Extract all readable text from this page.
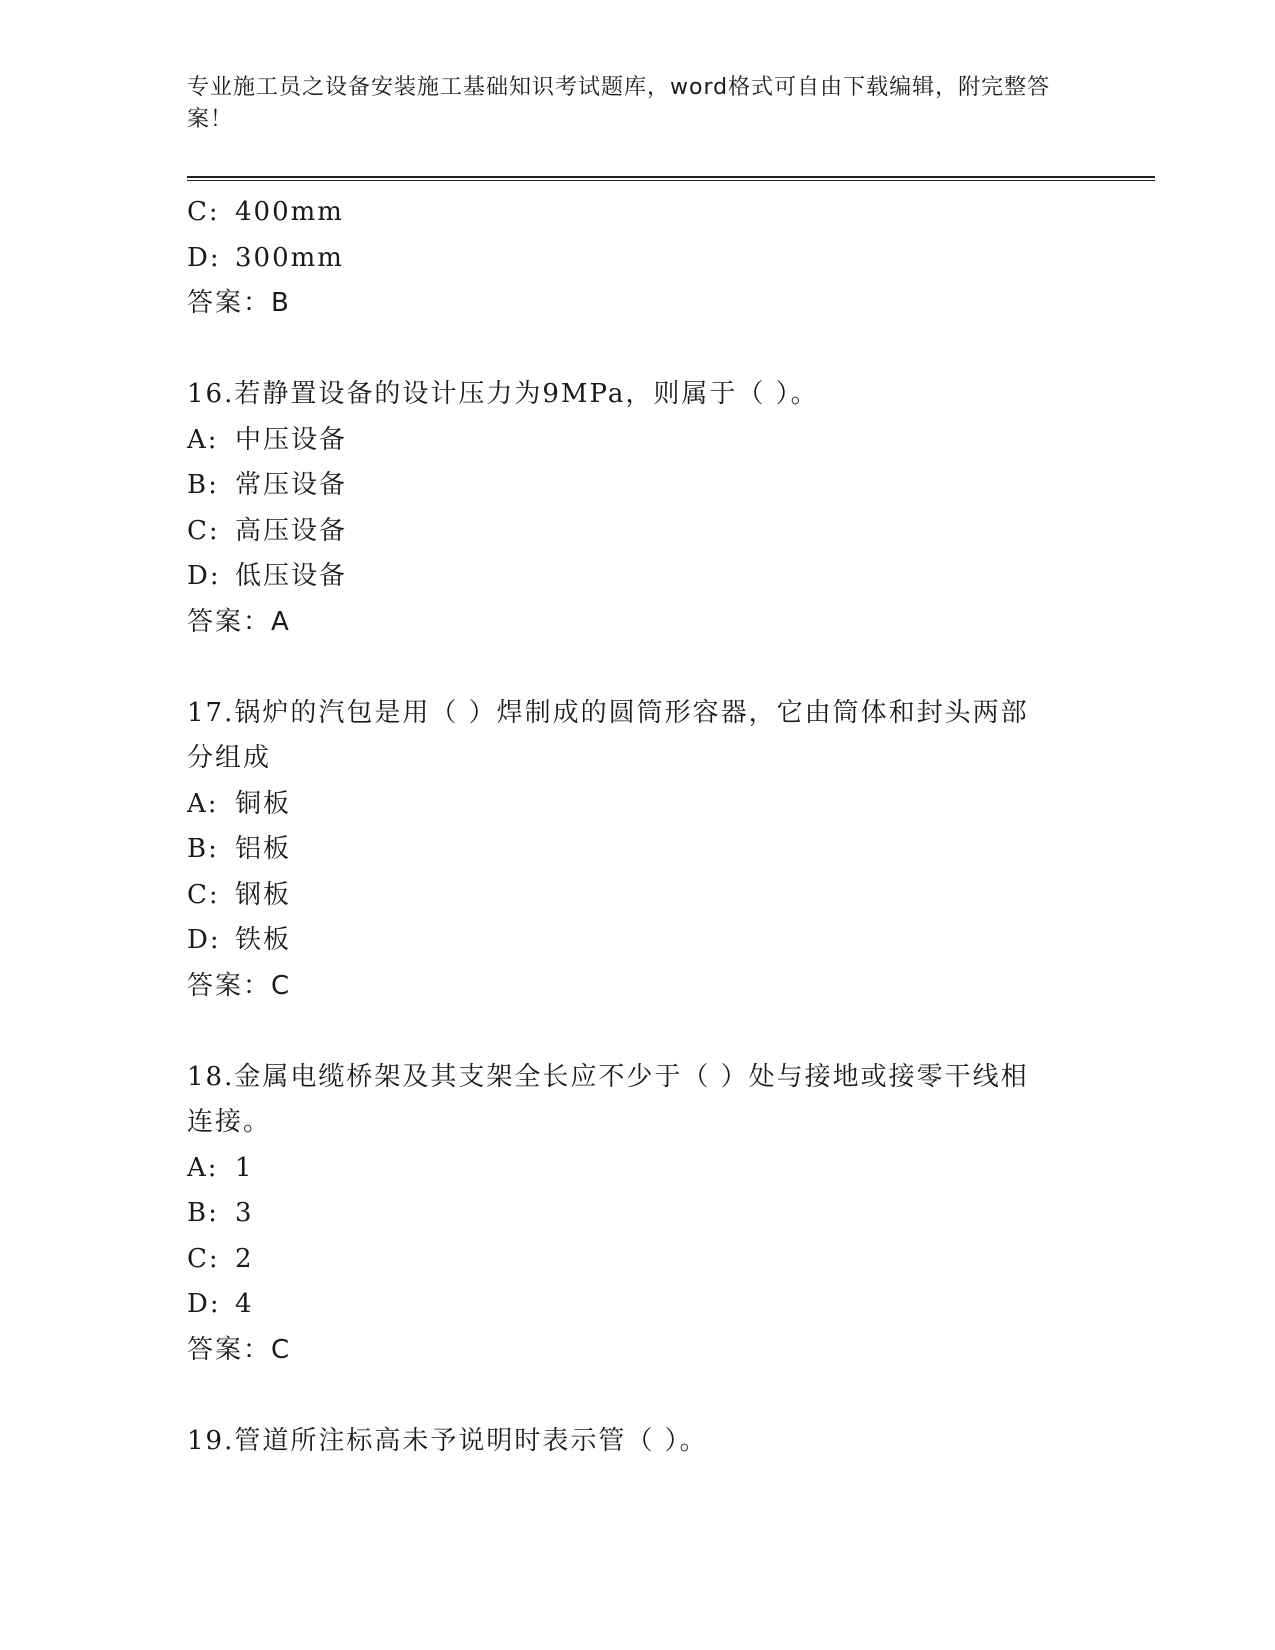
专业施工员之设备安装施工基础知识考试题库，word格式可自由下载编辑，附完整答案！
C: 400mm
D: 300mm
答案：B
16.若静置设备的设计压力为9MPa，则属于（ ）。
A: 中压设备
B: 常压设备
C: 高压设备
D: 低压设备
答案：A
17.锅炉的汽包是用（ ）焊制成的圆筒形容器，它由筒体和封头两部
分组成
A: 铜板
B: 铝板
C: 钢板
D: 铁板
答案：C
18.金属电缆桥架及其支架全长应不少于（ ）处与接地或接零干线相
连接。
A: 1
B: 3
C: 2
D: 4
答案：C
19.管道所注标高未予说明时表示管（ ）。
